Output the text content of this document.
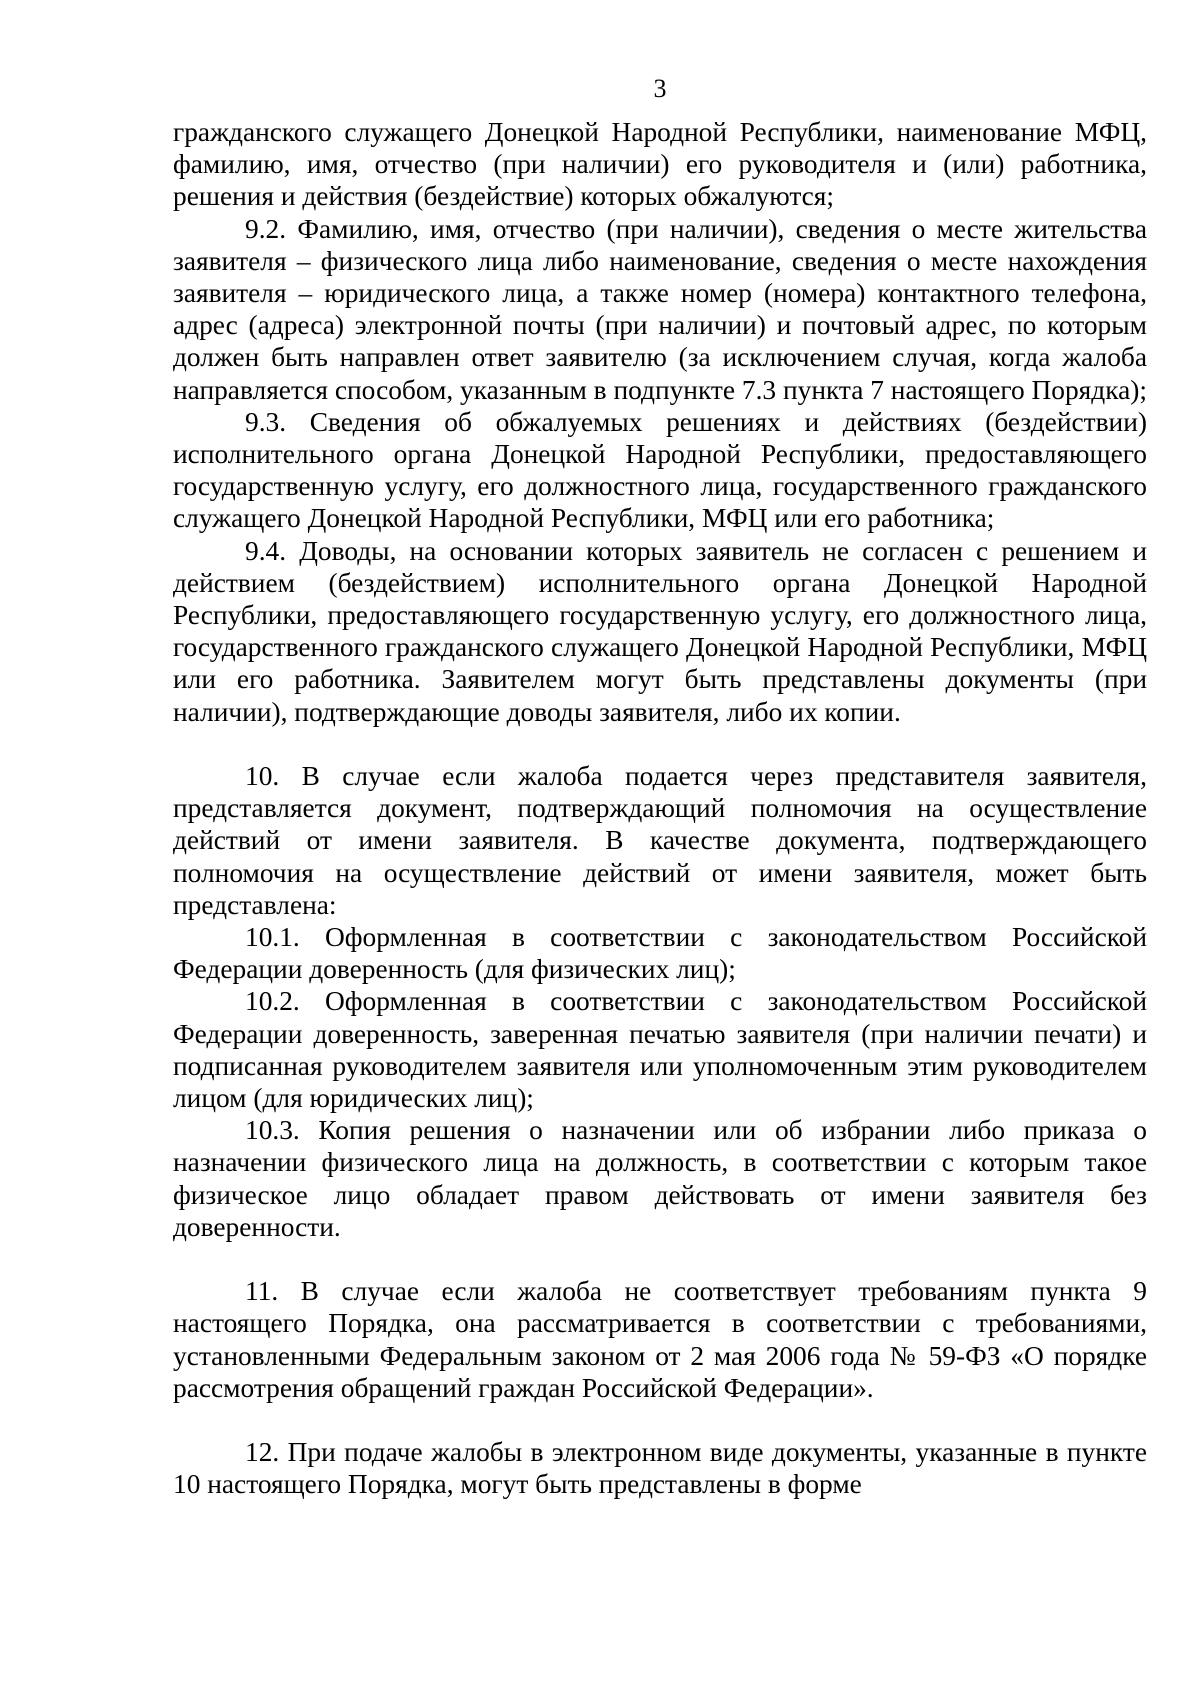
3

гражданского служащего Донецкой Народной Республики, наименование МФЦ, фамилию, имя, отчество (при наличии) его руководителя и (или) работника, решения и действия (бездействие) которых обжалуются;

9.2. Фамилию, имя, отчество (при наличии), сведения о месте жительства заявителя – физического лица либо наименование, сведения о месте нахождения заявителя – юридического лица, а также номер (номера) контактного телефона, адрес (адреса) электронной почты (при наличии) и почтовый адрес, по которым должен быть направлен ответ заявителю (за исключением случая, когда жалоба направляется способом, указанным в подпункте 7.3 пункта 7 настоящего Порядка);

9.3. Сведения об обжалуемых решениях и действиях (бездействии) исполнительного органа Донецкой Народной Республики, предоставляющего государственную услугу, его должностного лица, государственного гражданского служащего Донецкой Народной Республики, МФЦ или его работника;

9.4. Доводы, на основании которых заявитель не согласен с решением и действием (бездействием) исполнительного органа Донецкой Народной Республики, предоставляющего государственную услугу, его должностного лица, государственного гражданского служащего Донецкой Народной Республики, МФЦ или его работника. Заявителем могут быть представлены документы (при наличии), подтверждающие доводы заявителя, либо их копии.

10. В случае если жалоба подается через представителя заявителя, представляется документ, подтверждающий полномочия на осуществление действий от имени заявителя. В качестве документа, подтверждающего полномочия на осуществление действий от имени заявителя, может быть представлена:

10.1. Оформленная в соответствии с законодательством Российской Федерации доверенность (для физических лиц);

10.2. Оформленная в соответствии с законодательством Российской Федерации доверенность, заверенная печатью заявителя (при наличии печати) и подписанная руководителем заявителя или уполномоченным этим руководителем лицом (для юридических лиц);

10.3. Копия решения о назначении или об избрании либо приказа о назначении физического лица на должность, в соответствии с которым такое физическое лицо обладает правом действовать от имени заявителя без доверенности.

11. В случае если жалоба не соответствует требованиям пункта 9 настоящего Порядка, она рассматривается в соответствии с требованиями, установленными Федеральным законом от 2 мая 2006 года № 59-ФЗ «О порядке рассмотрения обращений граждан Российской Федерации».

12. При подаче жалобы в электронном виде документы, указанные в пункте 10 настоящего Порядка, могут быть представлены в форме
